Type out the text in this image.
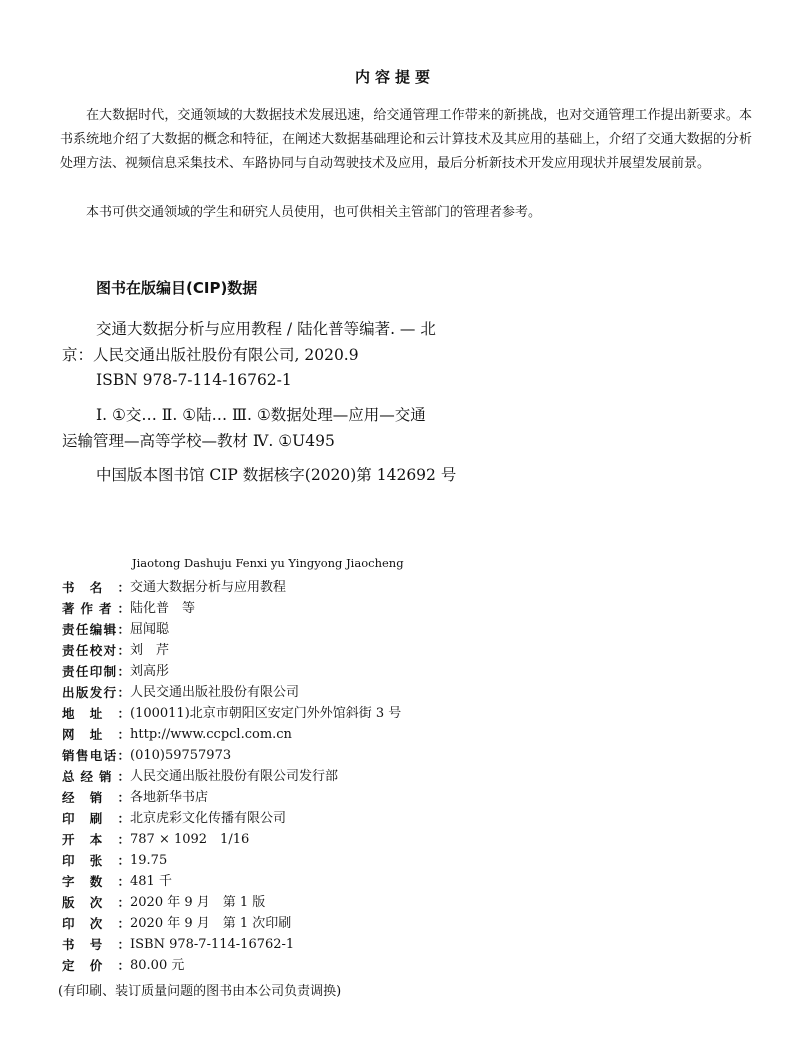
内容提要
在大数据时代，交通领域的大数据技术发展迅速，给交通管理工作带来的新挑战，也对交通管理工作提出新要求。本书系统地介绍了大数据的概念和特征，在阐述大数据基础理论和云计算技术及其应用的基础上，介绍了交通大数据的分析处理方法、视频信息采集技术、车路协同与自动驾驶技术及应用，最后分析新技术开发应用现状并展望发展前景。
本书可供交通领域的学生和研究人员使用，也可供相关主管部门的管理者参考。
图书在版编目(CIP)数据
交通大数据分析与应用教程 / 陆化普等编著. — 北
京：人民交通出版社股份有限公司, 2020.9
ISBN 978-7-114-16762-1
Ⅰ. ①交… Ⅱ. ①陆… Ⅲ. ①数据处理—应用—交通
运输管理—高等学校—教材 Ⅳ. ①U495
中国版本图书馆 CIP 数据核字(2020)第 142692 号
Jiaotong Dashuju Fenxi yu Yingyong Jiaocheng
书 名 ： 交通大数据分析与应用教程
著 作 者 ： 陆化普　等
责 任 编 辑 ： 屈闻聪
责 任 校 对 ： 刘　芹
责 任 印 制 ： 刘高彤
出 版 发 行 ： 人民交通出版社股份有限公司
地 址 ： (100011)北京市朝阳区安定门外外馆斜街 3 号
网 址 ： http://www.ccpcl.com.cn
销 售 电 话 ： (010)59757973
总 经 销 ： 人民交通出版社股份有限公司发行部
经 销 ： 各地新华书店
印 刷 ： 北京虎彩文化传播有限公司
开 本 ： 787 × 1092　1/16
印 张 ： 19.75
字 数 ： 481 千
版 次 ： 2020 年 9 月　第 1 版
印 次 ： 2020 年 9 月　第 1 次印刷
书 号 ： ISBN 978-7-114-16762-1
定 价 ： 80.00 元
(有印刷、装订质量问题的图书由本公司负责调换)
